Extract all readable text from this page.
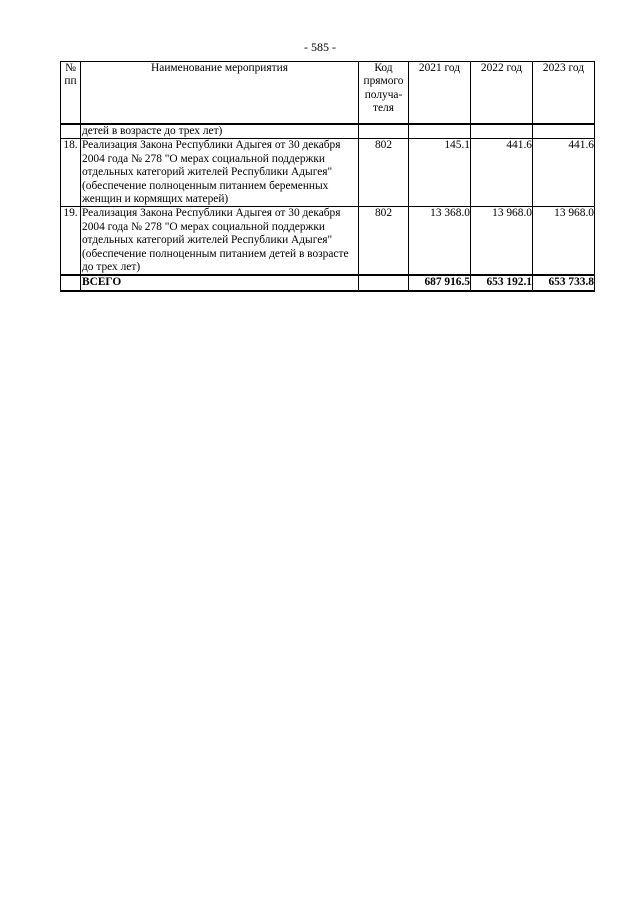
- 585 -
№ пп	Наименование мероприятия	Код прямого получа-теля	2021 год	2022 год	2023 год
	детей в возрасте до трех лет)				
18.	Реализация Закона Республики Адыгея от 30 декабря 2004 года № 278 "О мерах социальной поддержки отдельных категорий жителей Республики Адыгея" (обеспечение полноценным питанием беременных женщин и кормящих матерей)	802	145.1	441.6	441.6
19.	Реализация Закона Республики Адыгея от 30 декабря 2004 года № 278 "О мерах социальной поддержки отдельных категорий жителей Республики Адыгея" (обеспечение полноценным питанием детей в возрасте до трех лет)	802	13 368.0	13 968.0	13 968.0
	ВСЕГО		687 916.5	653 192.1	653 733.8
